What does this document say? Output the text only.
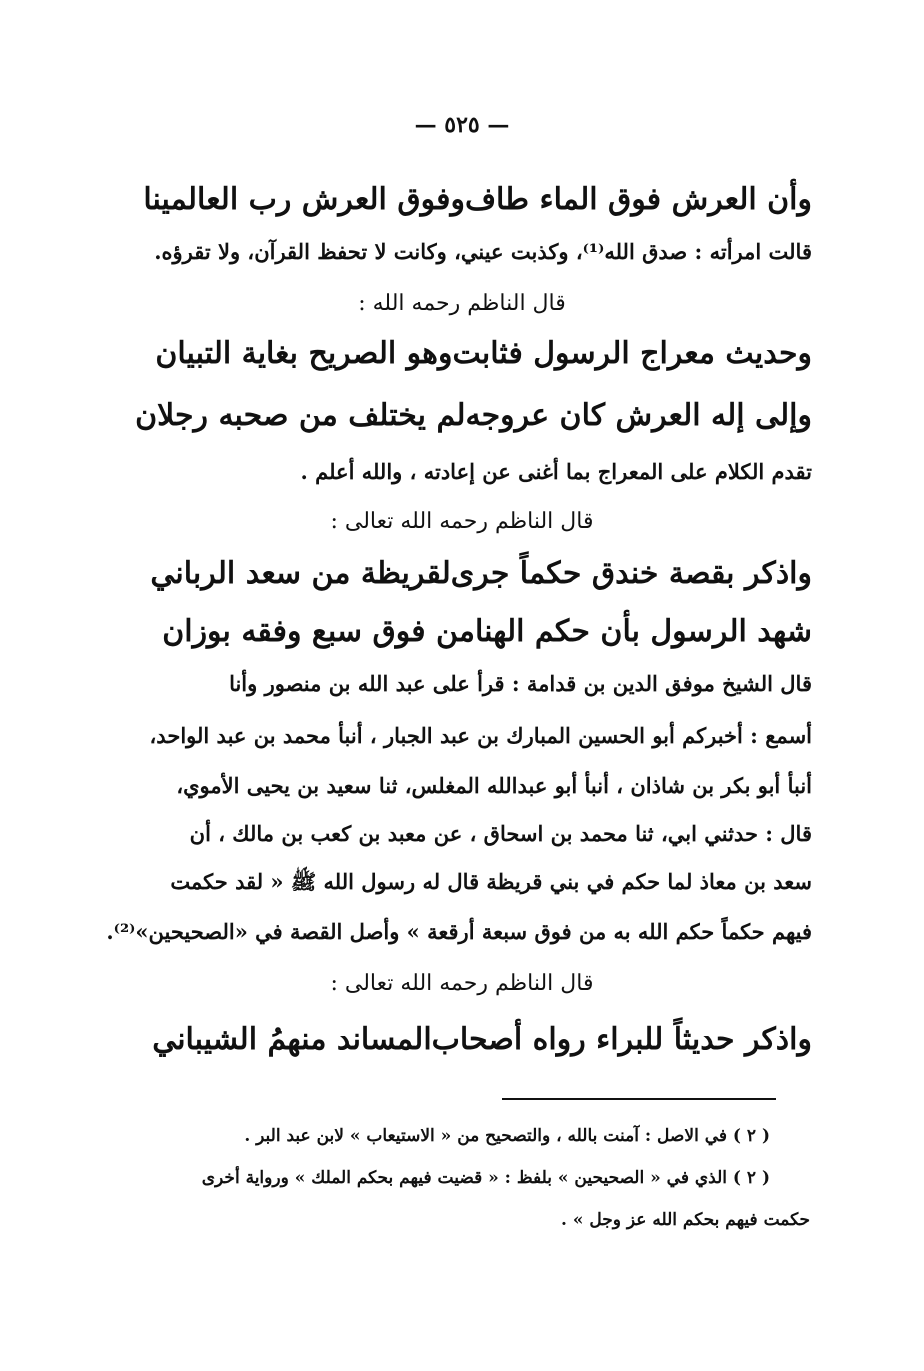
— ٥٢٥ —
وأن العرش فوق الماء طاف
وفوق العرش رب العالمينا
قالت امرأته : صدق الله⁽¹⁾، وكذبت عيني، وكانت لا تحفظ القرآن، ولا تقرؤه.
قال الناظم رحمه الله :
وحديث معراج الرسول فثابت
وهو الصريح بغاية التبيان
وإلى إله العرش كان عروجه
لم يختلف من صحبه رجلان
تقدم الكلام على المعراج بما أغنى عن إعادته ، والله أعلم .
قال الناظم رحمه الله تعالى :
واذكر بقصة خندق حكماً جرى
لقريظة من سعد الرباني
شهد الرسول بأن حكم الهنا
من فوق سبع وفقه بوزان
قال الشيخ موفق الدين بن قدامة : قرأ على عبد الله بن منصور وأنا
أسمع : أخبركم أبو الحسين المبارك بن عبد الجبار ، أنبأ محمد بن عبد الواحد،
أنبأ أبو بكر بن شاذان ، أنبأ أبو عبدالله المغلس، ثنا سعيد بن يحيى الأموي،
قال : حدثني ابي، ثنا محمد بن اسحاق ، عن معبد بن كعب بن مالك ، أن
سعد بن معاذ لما حكم في بني قريظة قال له رسول الله ﷺ « لقد حكمت
فيهم حكماً حكم الله به من فوق سبعة أرقعة » وأصل القصة في «الصحيحين»⁽²⁾.
قال الناظم رحمه الله تعالى :
واذكر حديثاً للبراء رواه أصحاب
المساند منهمُ الشيباني
( ٢ ) في الاصل : آمنت بالله ، والتصحيح من « الاستيعاب » لابن عبد البر .
( ٢ ) الذي في « الصحيحين » بلفظ : « قضيت فيهم بحكم الملك » ورواية أخرى
حكمت فيهم بحكم الله عز وجل » .
